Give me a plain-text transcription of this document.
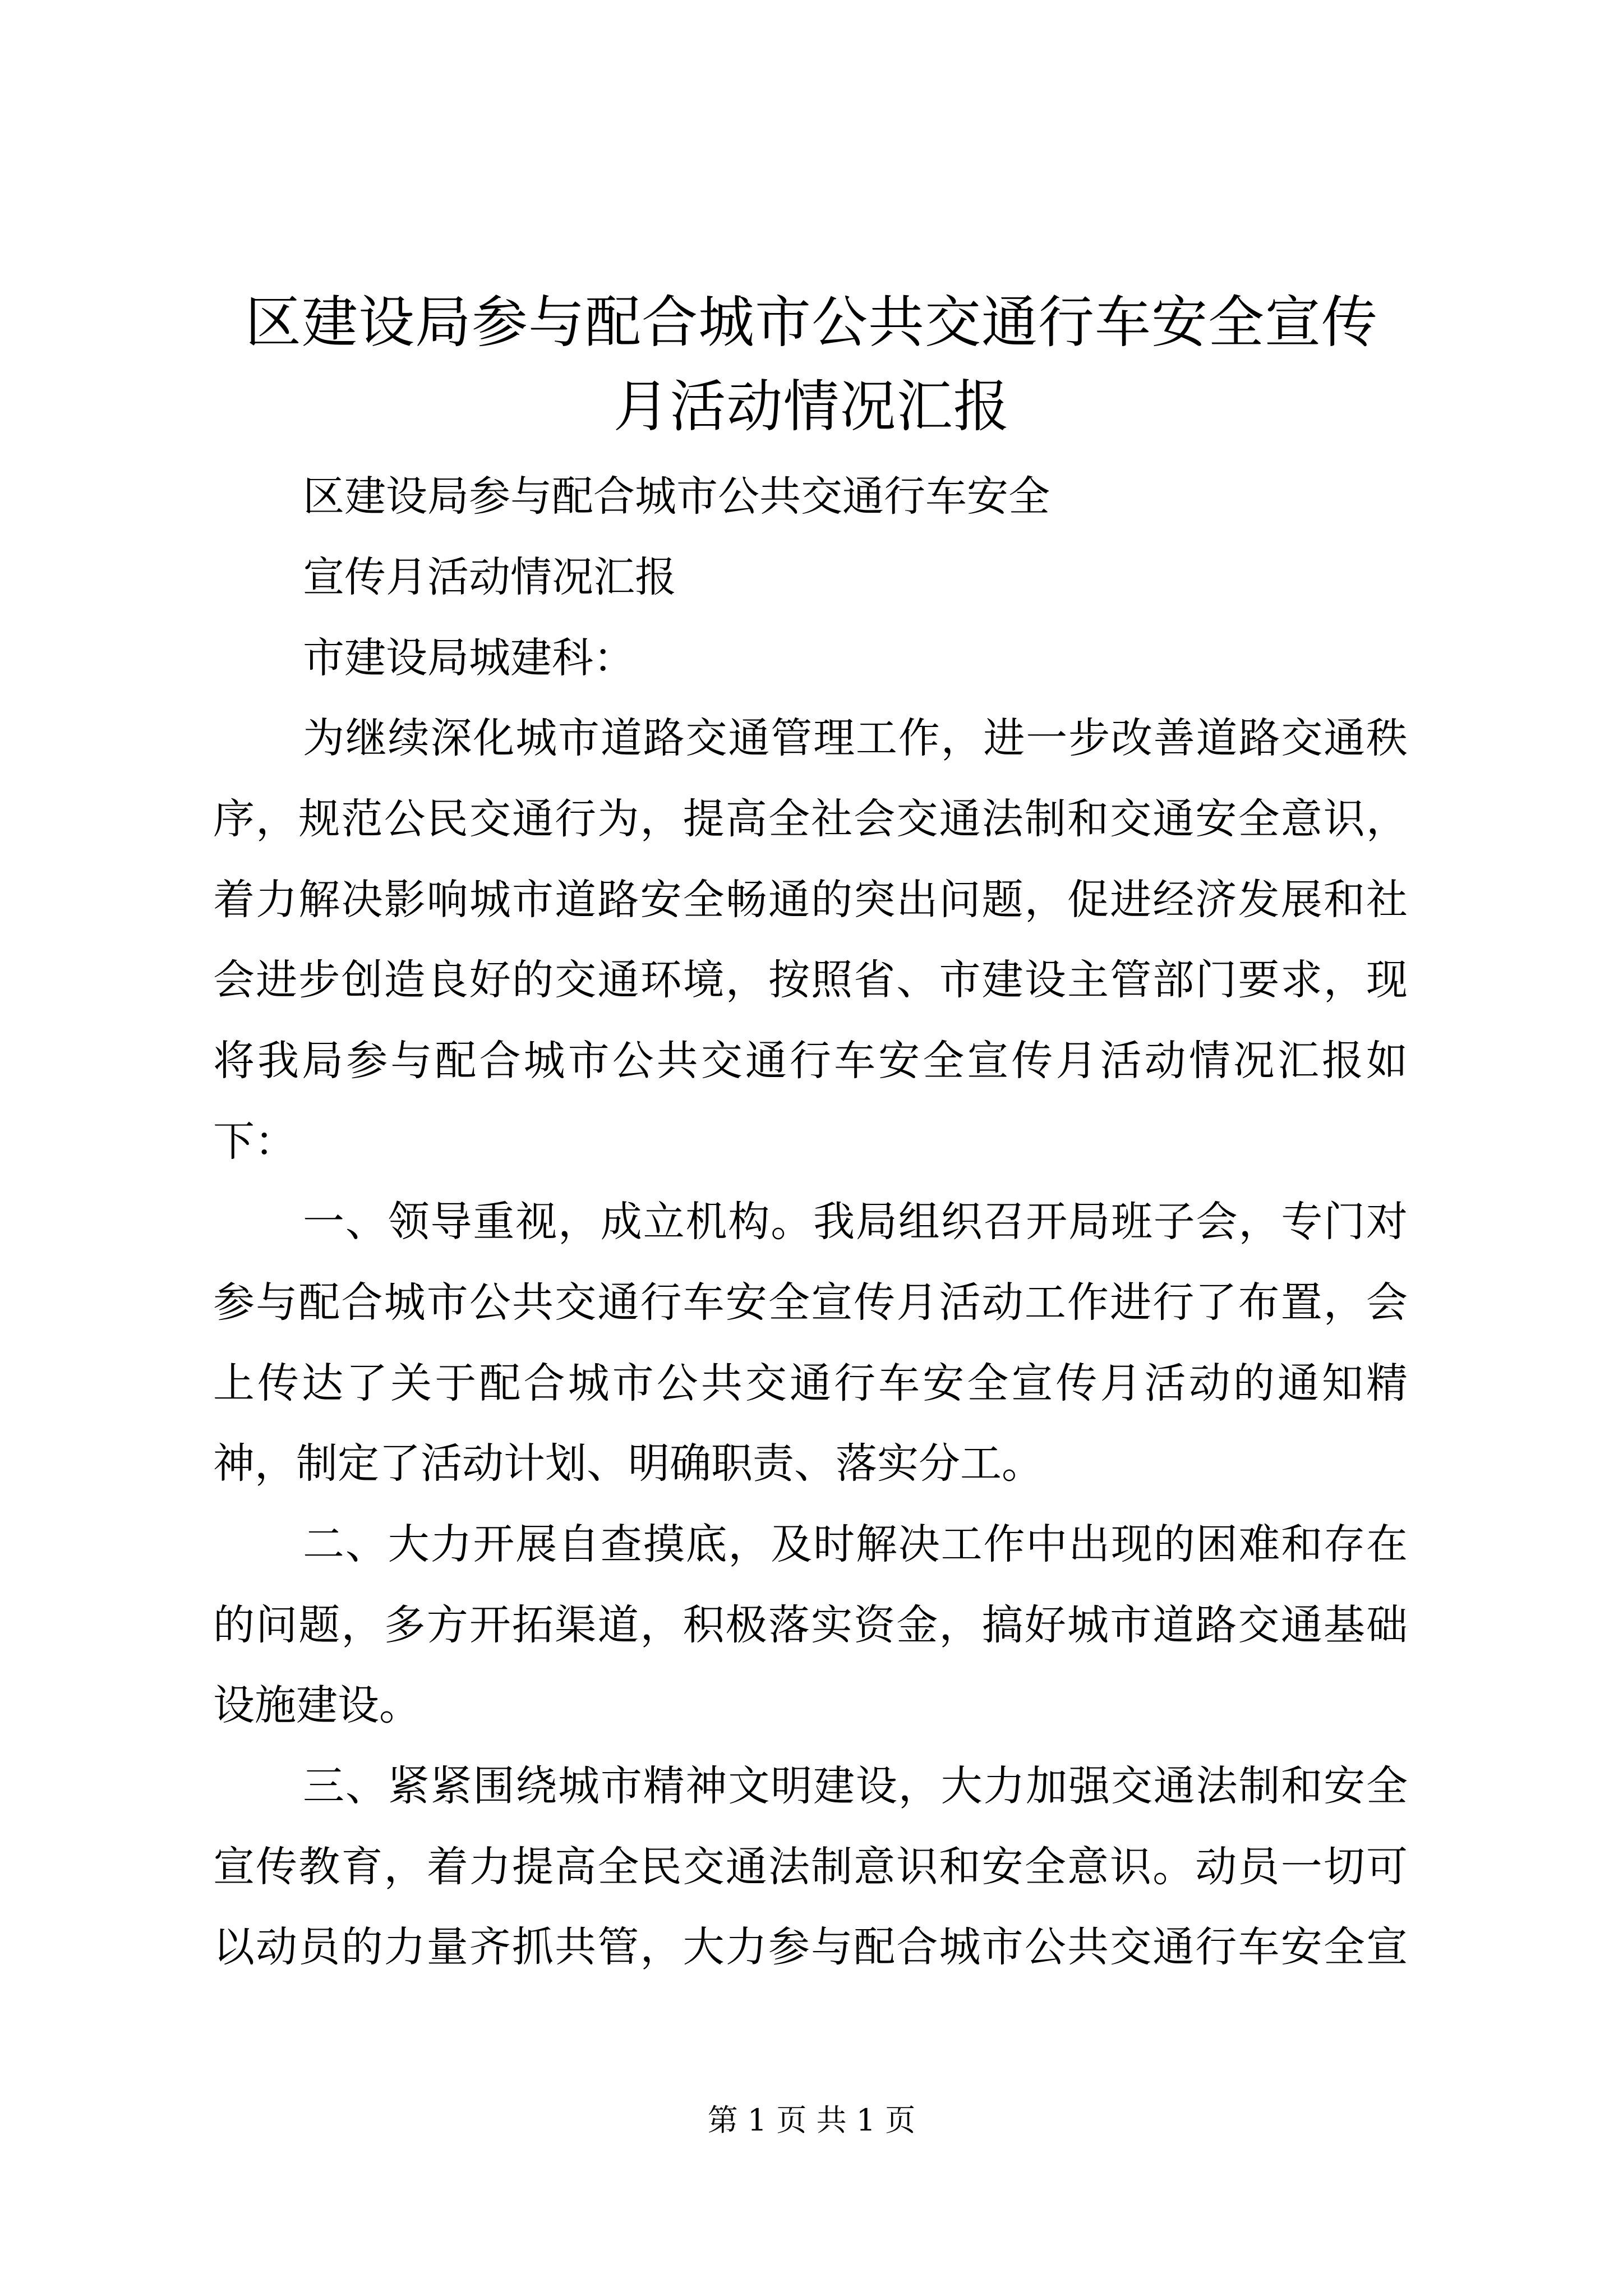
区建设局参与配合城市公共交通行车安全宣传
月活动情况汇报
区建设局参与配合城市公共交通行车安全
宣传月活动情况汇报
市建设局城建科：
为继续深化城市道路交通管理工作，进一步改善道路交通秩
序，规范公民交通行为，提高全社会交通法制和交通安全意识，
着力解决影响城市道路安全畅通的突出问题，促进经济发展和社
会进步创造良好的交通环境，按照省、市建设主管部门要求，现
将我局参与配合城市公共交通行车安全宣传月活动情况汇报如
下：
一、领导重视，成立机构。我局组织召开局班子会，专门对
参与配合城市公共交通行车安全宣传月活动工作进行了布置，会
上传达了关于配合城市公共交通行车安全宣传月活动的通知精
神，制定了活动计划、明确职责、落实分工。
二、大力开展自查摸底，及时解决工作中出现的困难和存在
的问题，多方开拓渠道，积极落实资金，搞好城市道路交通基础
设施建设。
三、紧紧围绕城市精神文明建设，大力加强交通法制和安全
宣传教育，着力提高全民交通法制意识和安全意识。动员一切可
以动员的力量齐抓共管，大力参与配合城市公共交通行车安全宣
第 1 页 共 1 页
